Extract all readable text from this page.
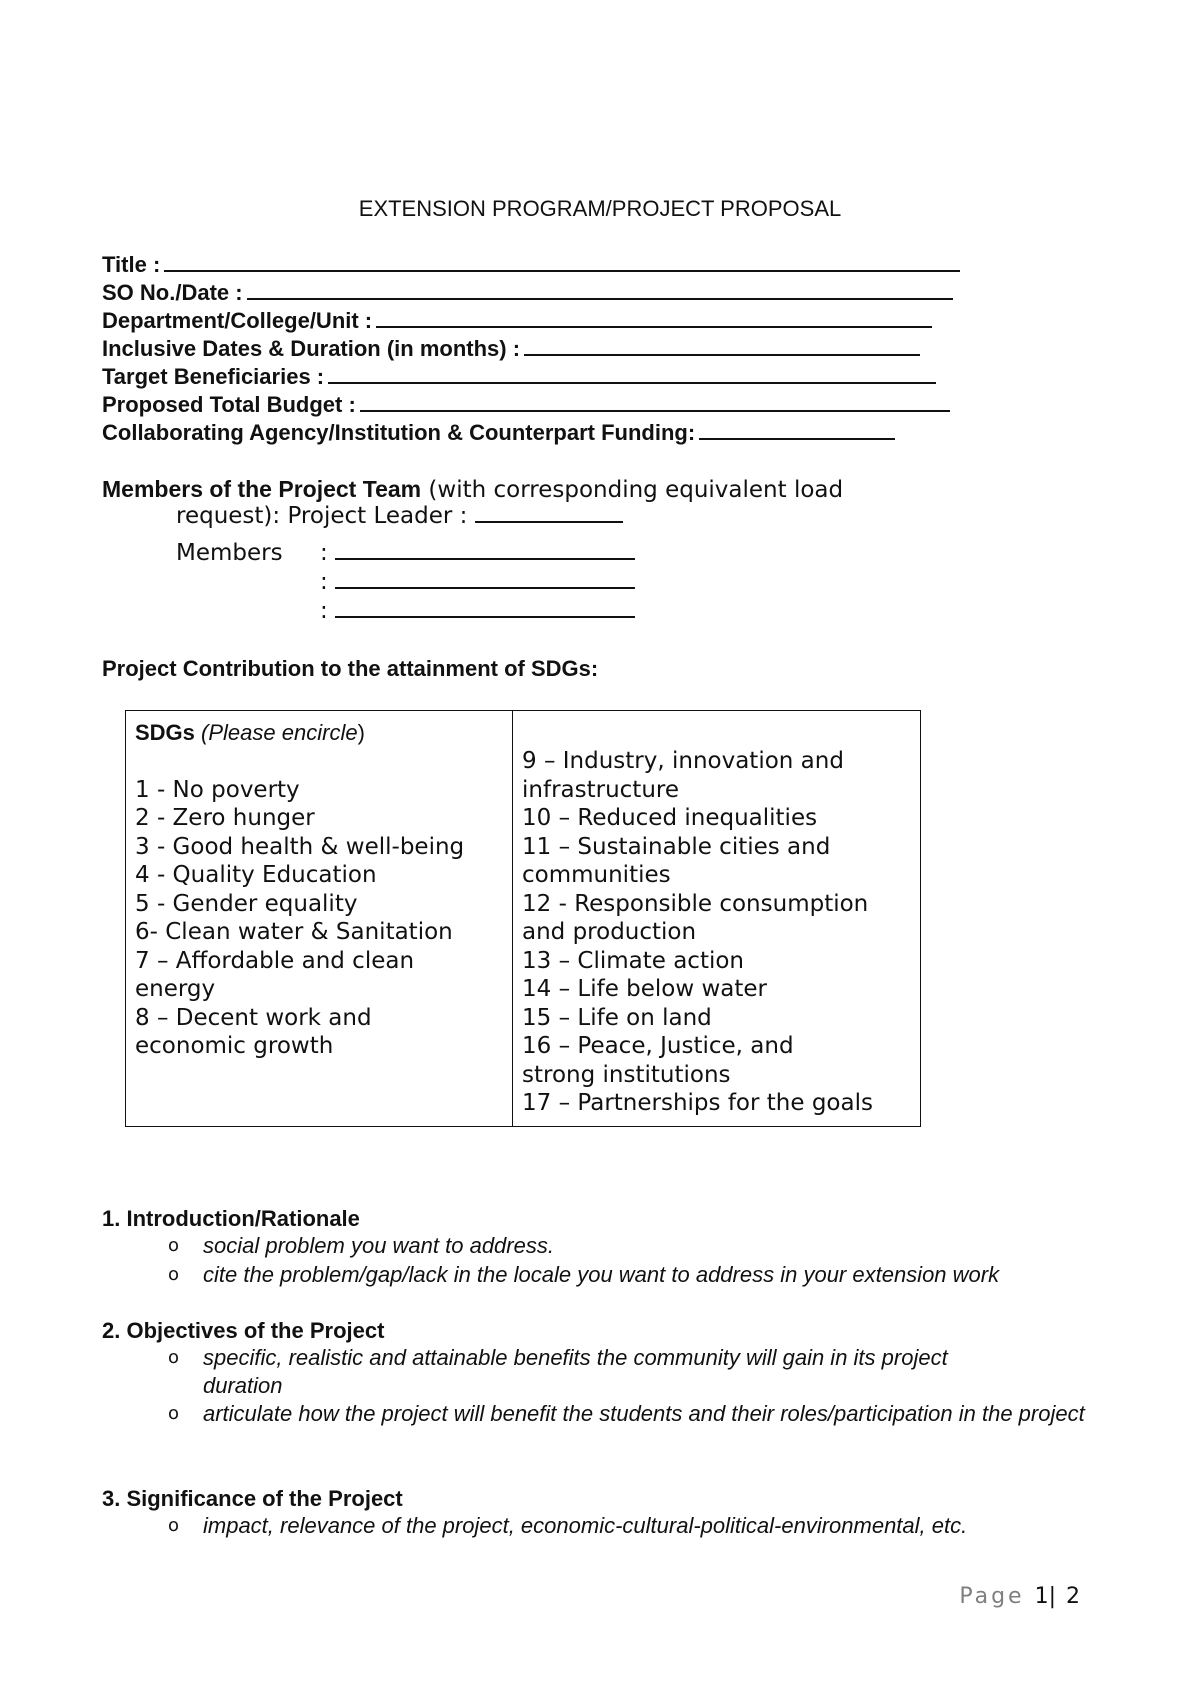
EXTENSION PROGRAM/PROJECT PROPOSAL
Title :
SO No./Date :
Department/College/Unit :
Inclusive Dates & Duration (in months) :
Target Beneficiaries :
Proposed Total Budget :
Collaborating Agency/Institution & Counterpart Funding:
Members of the Project Team (with corresponding equivalent load
request): Project Leader :
Members :
:
:
Project Contribution to the attainment of SDGs:
SDGs (Please encircle)
1 - No poverty
2 - Zero hunger
3 - Good health & well-being
4 - Quality Education
5 - Gender equality
6- Clean water & Sanitation
7 – Affordable and clean energy
8 – Decent work and economic growth

9 – Industry, innovation and infrastructure
10 – Reduced inequalities
11 – Sustainable cities and communities
12 - Responsible consumption and production
13 – Climate action
14 – Life below water
15 – Life on land
16 – Peace, Justice, and strong institutions
17 – Partnerships for the goals
1. Introduction/Rationale
o social problem you want to address.
o cite the problem/gap/lack in the locale you want to address in your extension work
2. Objectives of the Project
o specific, realistic and attainable benefits the community will gain in its project duration
o articulate how the project will benefit the students and their roles/participation in the project
3. Significance of the Project
o impact, relevance of the project, economic-cultural-political-environmental, etc.
Page 1| 2
